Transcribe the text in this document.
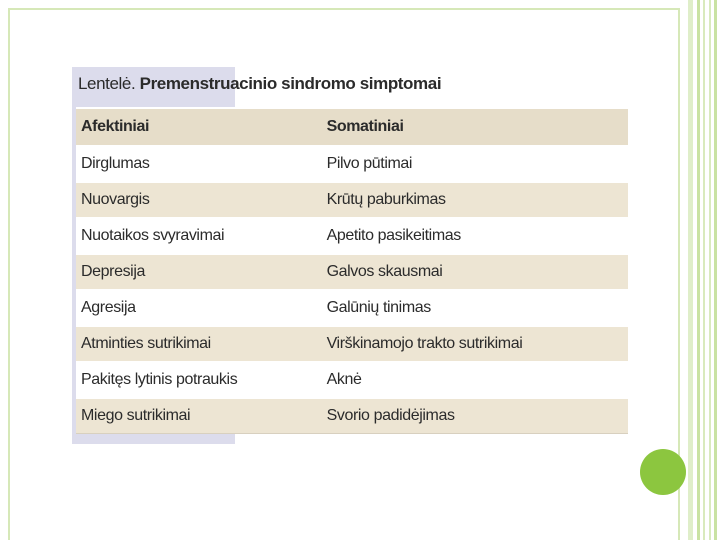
Lentelė. Premenstruacinio sindromo simptomai
Afektiniai	Somatiniai
Dirglumas	Pilvo pūtimai
Nuovargis	Krūtų paburkimas
Nuotaikos svyravimai	Apetito pasikeitimas
Depresija	Galvos skausmai
Agresija	Galūnių tinimas
Atminties sutrikimai	Virškinamojo trakto sutrikimai
Pakitęs lytinis potraukis	Aknė
Miego sutrikimai	Svorio padidėjimas
